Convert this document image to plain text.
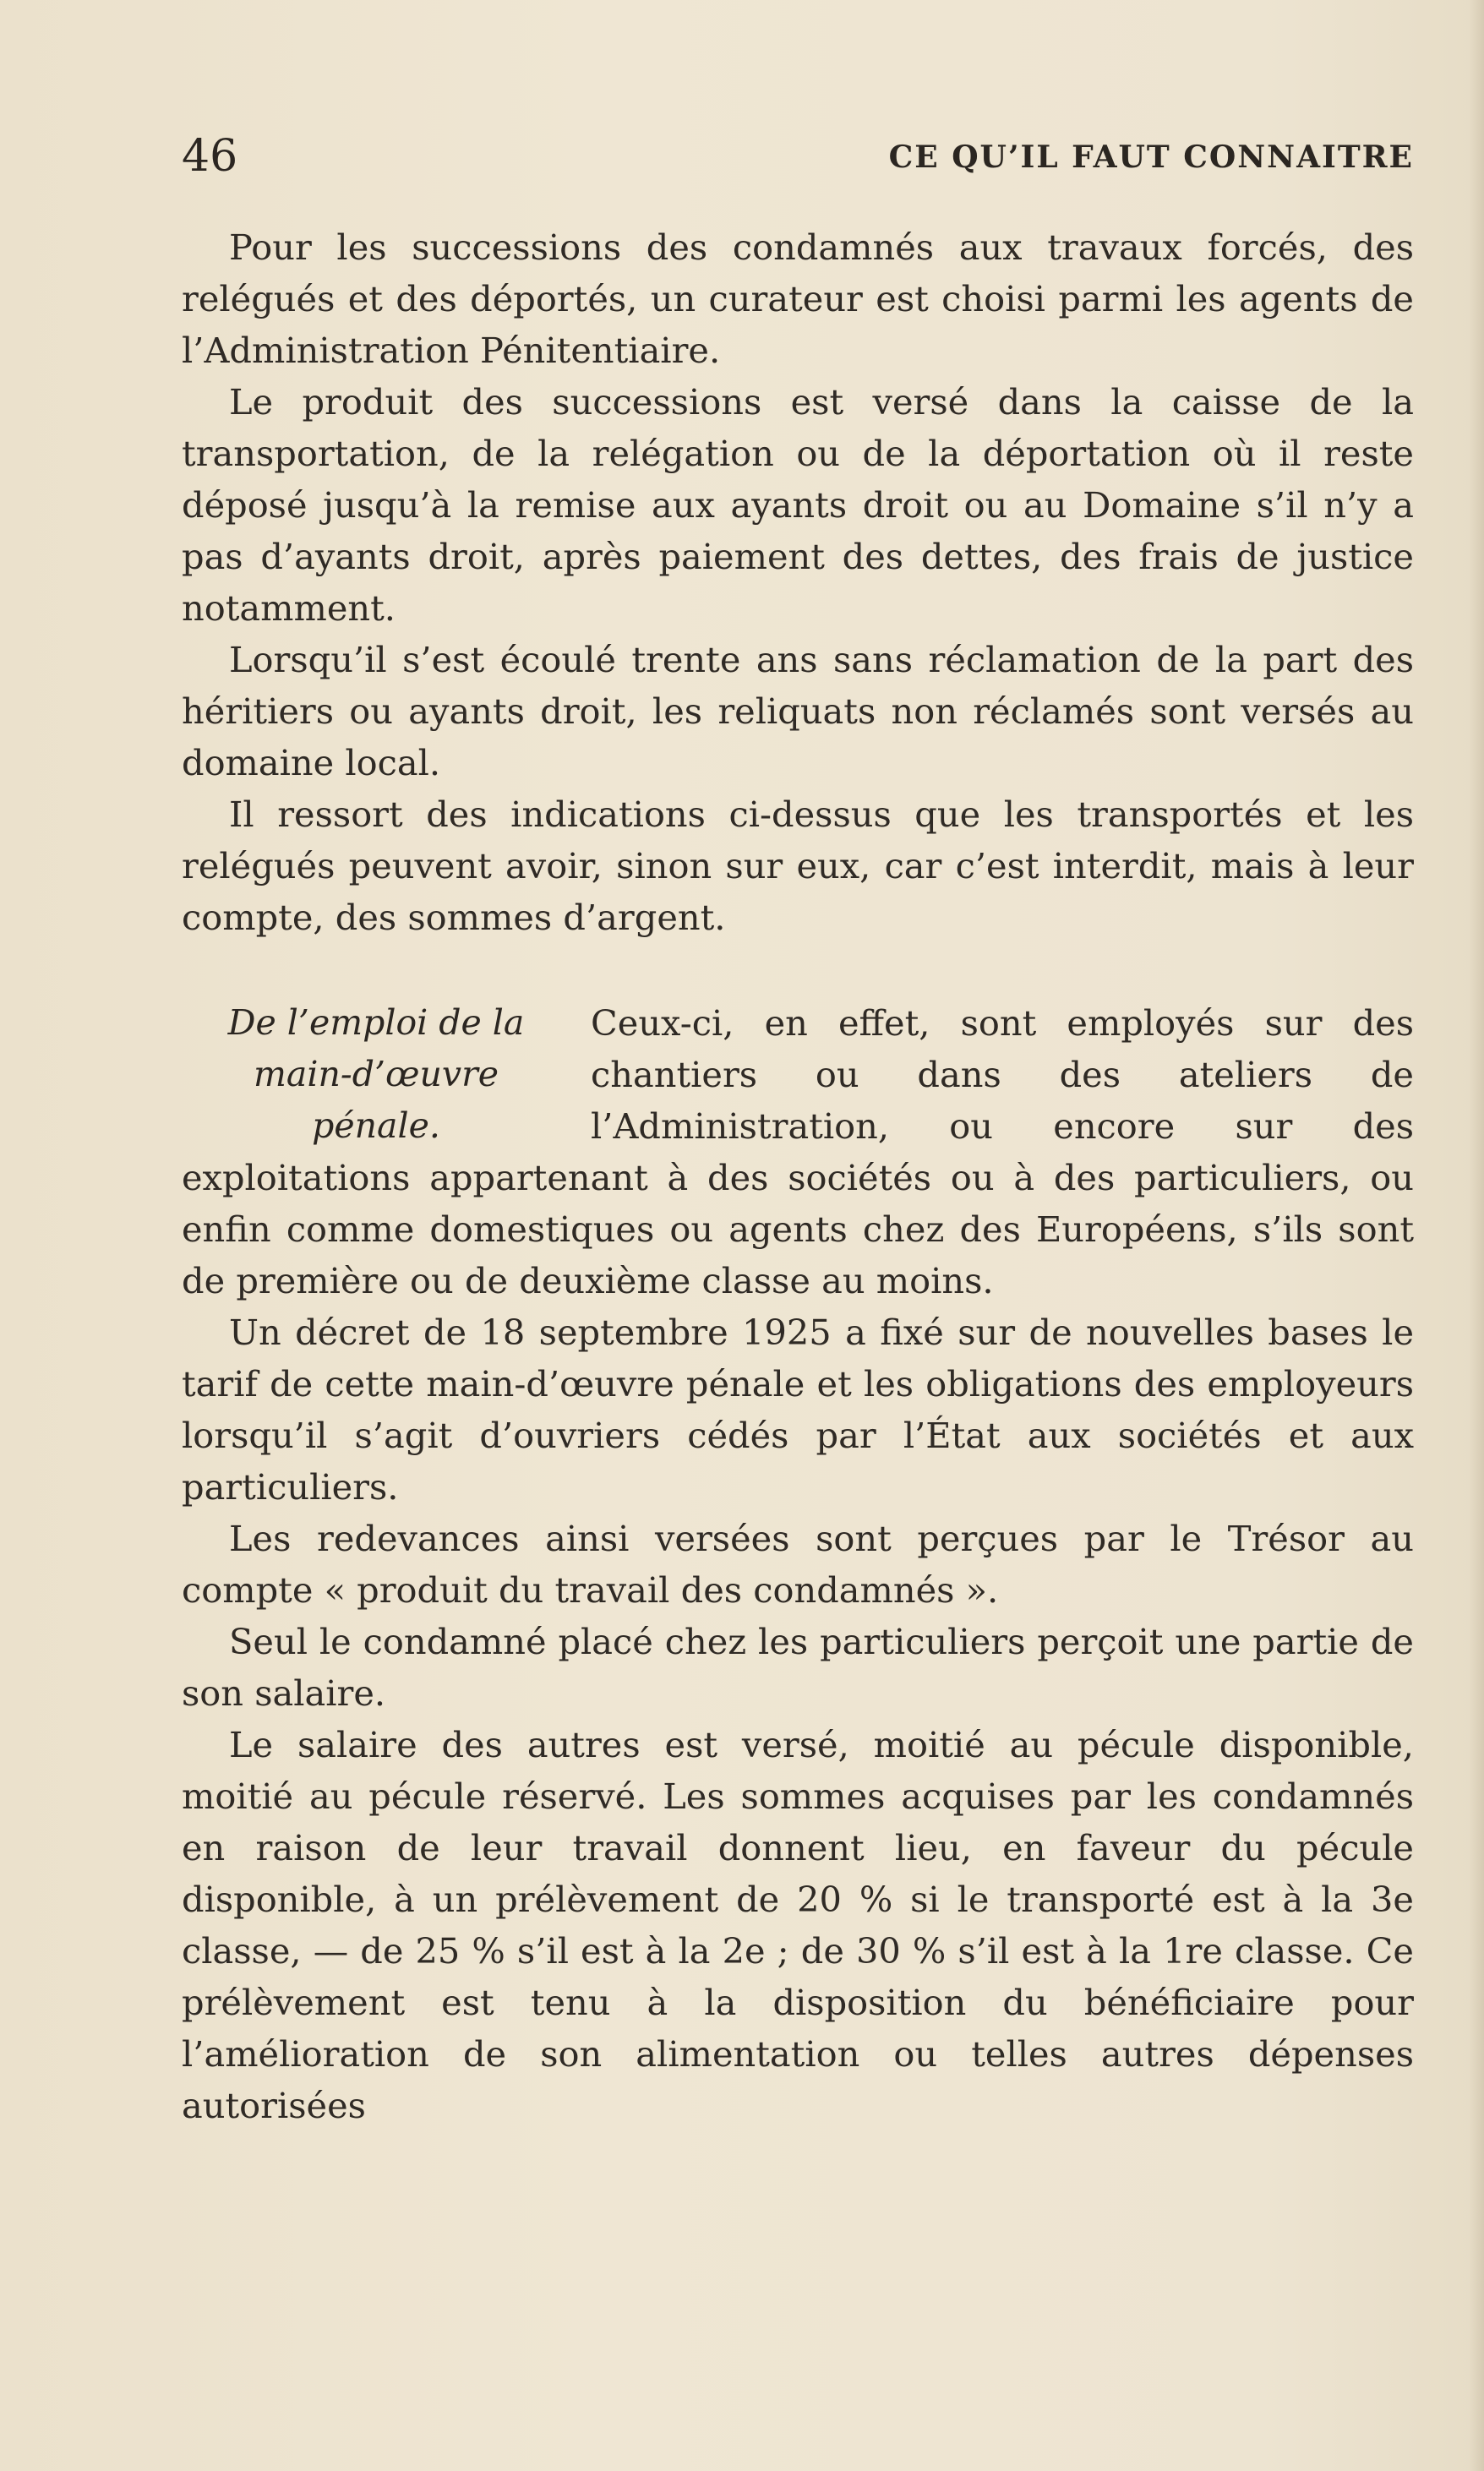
46	CE QU’IL FAUT CONNAITRE

Pour les successions des condamnés aux travaux forcés, des relégués et des déportés, un curateur est choisi parmi les agents de l’Administration Pénitentiaire.

Le produit des successions est versé dans la caisse de la transportation, de la relégation ou de la déportation où il reste déposé jusqu’à la remise aux ayants droit ou au Domaine s’il n’y a pas d’ayants droit, après paiement des dettes, des frais de justice notamment.

Lorsqu’il s’est écoulé trente ans sans réclamation de la part des héritiers ou ayants droit, les reliquats non réclamés sont versés au domaine local.

Il ressort des indications ci-dessus que les transportés et les relégués peuvent avoir, sinon sur eux, car c’est interdit, mais à leur compte, des sommes d’argent.

De l’emploi de la
main-d’œuvre
pénale.

Ceux-ci, en effet, sont employés sur des chantiers ou dans des ateliers de l’Administration, ou encore sur des exploitations appartenant à des sociétés ou à des particuliers, ou enfin comme domestiques ou agents chez des Européens, s’ils sont de première ou de deuxième classe au moins.

Un décret de 18 septembre 1925 a fixé sur de nouvelles bases le tarif de cette main-d’œuvre pénale et les obligations des employeurs lorsqu’il s’agit d’ouvriers cédés par l’État aux sociétés et aux particuliers.

Les redevances ainsi versées sont perçues par le Trésor au compte « produit du travail des condamnés ».

Seul le condamné placé chez les particuliers perçoit une partie de son salaire.

Le salaire des autres est versé, moitié au pécule disponible, moitié au pécule réservé. Les sommes acquises par les condamnés en raison de leur travail donnent lieu, en faveur du pécule disponible, à un prélèvement de 20 % si le transporté est à la 3e classe, — de 25 % s’il est à la 2e ; de 30 % s’il est à la 1re classe. Ce prélèvement est tenu à la disposition du bénéficiaire pour l’amélioration de son alimentation ou telles autres dépenses autorisées
